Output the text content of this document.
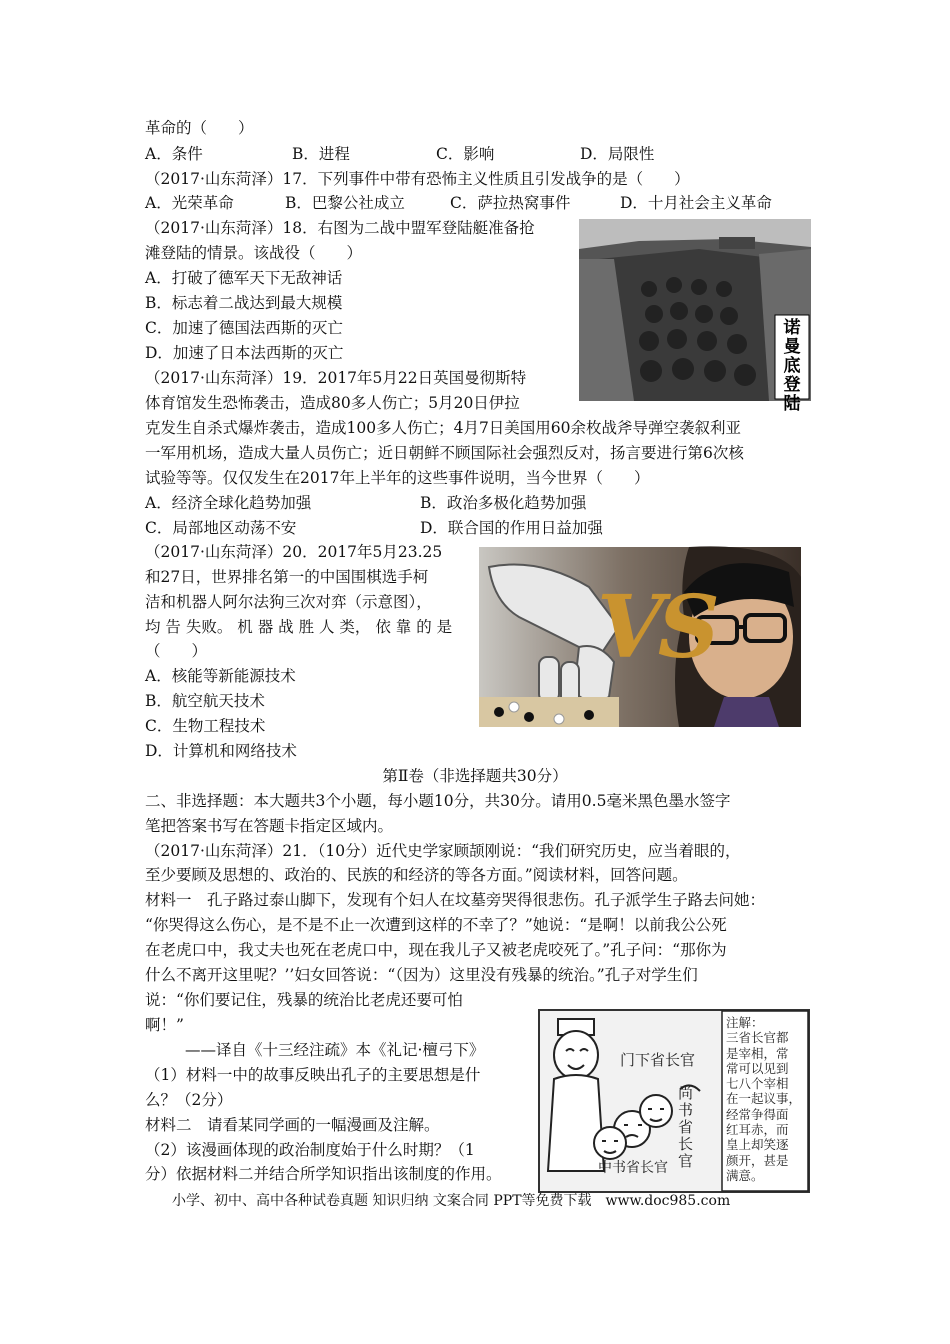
革命的（　　）
A．条件	B．进程	C．影响	D．局限性
（2017·山东菏泽）17．下列事件中带有恐怖主义性质且引发战争的是（　　）
A．光荣革命	B．巴黎公社成立	C．萨拉热窝事件	D．十月社会主义革命
（2017·山东菏泽）18．右图为二战中盟军登陆艇准备抢
滩登陆的情景。该战役（　　）
A．打破了德军天下无敌神话
B．标志着二战达到最大规模
C．加速了德国法西斯的灭亡
D．加速了日本法西斯的灭亡
诺曼底登陆
（2017·山东菏泽）19．2017年5月22日英国曼彻斯特
体育馆发生恐怖袭击，造成80多人伤亡；5月20日伊拉
克发生自杀式爆炸袭击，造成100多人伤亡；4月7日美国用60余枚战斧导弹空袭叙利亚
一军用机场，造成大量人员伤亡；近日朝鲜不顾国际社会强烈反对，扬言要进行第6次核
试验等等。仅仅发生在2017年上半年的这些事件说明，当今世界（　　）
A．经济全球化趋势加强	B．政治多极化趋势加强
C．局部地区动荡不安	D．联合国的作用日益加强
（2017·山东菏泽）20．2017年5月23.25
和27日，世界排名第一的中国围棋选手柯
洁和机器人阿尔法狗三次对弈（示意图），
均 告 失败。 机 器 战 胜 人 类， 依 靠 的 是
（　　）
A．核能等新能源技术
B．航空航天技术
C．生物工程技术
D．计算机和网络技术
VS
第Ⅱ卷（非选择题共30分）
二、非选择题：本大题共3个小题，每小题10分，共30分。请用0.5毫米黑色墨水签字
笔把答案书写在答题卡指定区域内。
（2017·山东菏泽）21．（10分）近代史学家顾颉刚说：“我们研究历史，应当着眼的，
至少要顾及思想的、政治的、民族的和经济的等各方面。”阅读材料，回答问题。
材料一　孔子路过泰山脚下，发现有个妇人在坟墓旁哭得很悲伤。孔子派学生子路去问她：
“你哭得这么伤心，是不是不止一次遭到这样的不幸了？”她说：“是啊！以前我公公死
在老虎口中，我丈夫也死在老虎口中，现在我儿子又被老虎咬死了。”孔子问：“那你为
什么不离开这里呢？’’妇女回答说：“（因为）这里没有残暴的统治。”孔子对学生们
说：“你们要记住，残暴的统治比老虎还要可怕
啊！”
——译自《十三经注疏》本《礼记·檀弓下》
（1）材料一中的故事反映出孔子的主要思想是什
么？（2分）
材料二　请看某同学画的一幅漫画及注解。
（2）该漫画体现的政治制度始于什么时期？（1
分）依据材料二并结合所学知识指出该制度的作用。
门下省长官
尚书省长官
中书省长官
注解：
三省长官都
是宰相，常
常可以见到
七八个宰相
在一起议事，
经常争得面
红耳赤，而
皇上却笑逐
颜开，甚是
满意。
小学、初中、高中各种试卷真题 知识归纳 文案合同 PPT等免费下载　www.doc985.com
